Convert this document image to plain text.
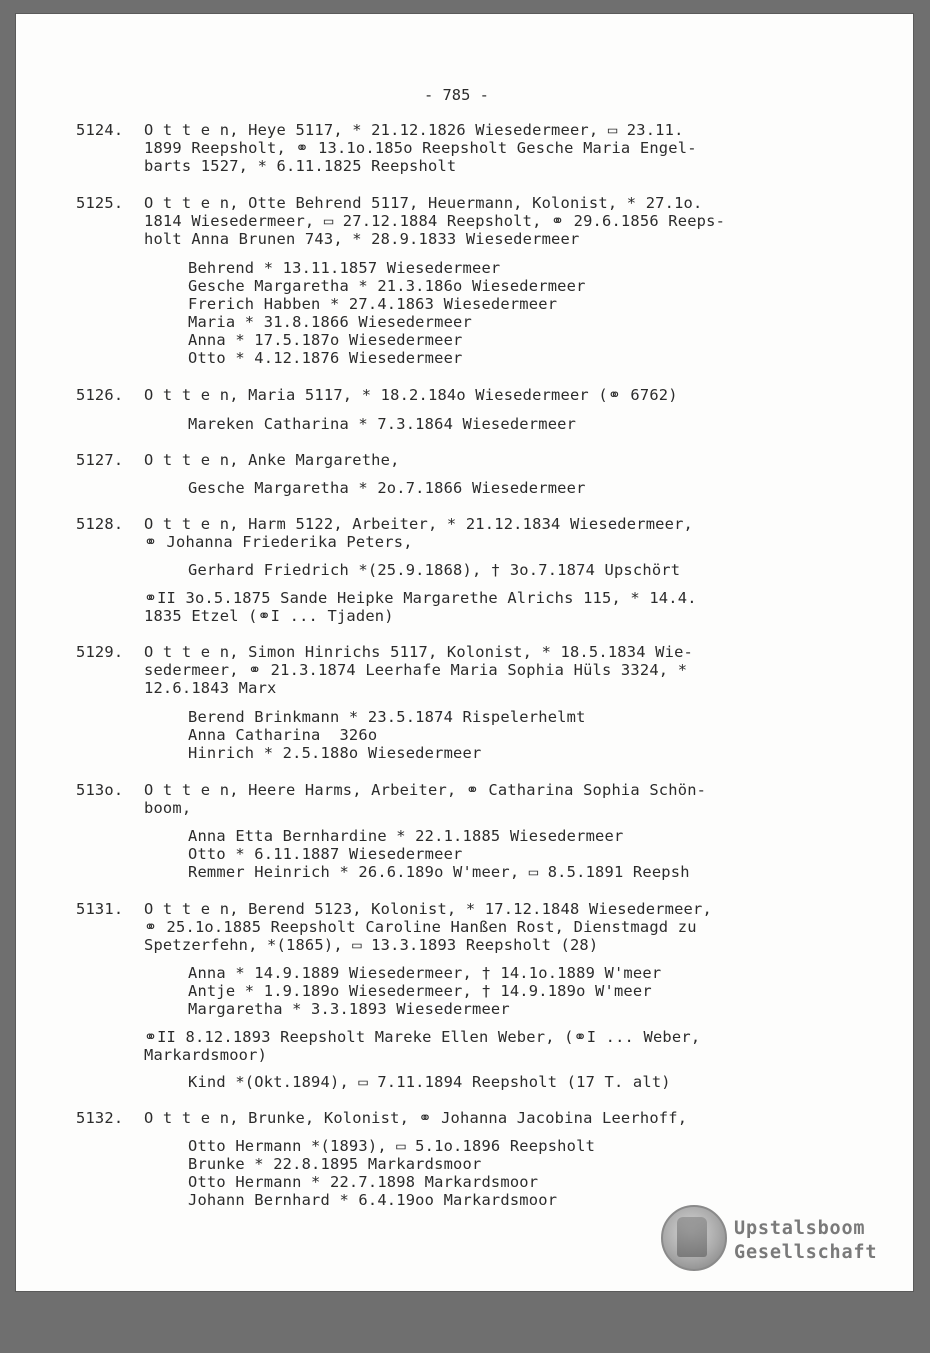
- 785 -

5124.

O t t e n, Heye 5117, * 21.12.1826 Wiesedermeer, ▭ 23.11.

1899 Reepsholt, ⚭ 13.1o.185o Reepsholt Gesche Maria Engel-

barts 1527, * 6.11.1825 Reepsholt

5125.

O t t e n, Otte Behrend 5117, Heuermann, Kolonist, * 27.1o.

1814 Wiesedermeer, ▭ 27.12.1884 Reepsholt, ⚭ 29.6.1856 Reeps-

holt Anna Brunen 743, * 28.9.1833 Wiesedermeer

Behrend * 13.11.1857 Wiesedermeer

Gesche Margaretha * 21.3.186o Wiesedermeer

Frerich Habben * 27.4.1863 Wiesedermeer

Maria * 31.8.1866 Wiesedermeer

Anna * 17.5.187o Wiesedermeer

Otto * 4.12.1876 Wiesedermeer

5126.

O t t e n, Maria 5117, * 18.2.184o Wiesedermeer (⚭ 6762)

Mareken Catharina * 7.3.1864 Wiesedermeer

5127.

O t t e n, Anke Margarethe,

Gesche Margaretha * 2o.7.1866 Wiesedermeer

5128.

O t t e n, Harm 5122, Arbeiter, * 21.12.1834 Wiesedermeer,

⚭ Johanna Friederika Peters,

Gerhard Friedrich *(25.9.1868), † 3o.7.1874 Upschört

⚭II 3o.5.1875 Sande Heipke Margarethe Alrichs 115, * 14.4.

1835 Etzel (⚭I ... Tjaden)

5129.

O t t e n, Simon Hinrichs 5117, Kolonist, * 18.5.1834 Wie-

sedermeer, ⚭ 21.3.1874 Leerhafe Maria Sophia Hüls 3324, *

12.6.1843 Marx

Berend Brinkmann * 23.5.1874 Rispelerhelmt

Anna Catharina  326o

Hinrich * 2.5.188o Wiesedermeer

513o.

O t t e n, Heere Harms, Arbeiter, ⚭ Catharina Sophia Schön-

boom,

Anna Etta Bernhardine * 22.1.1885 Wiesedermeer

Otto * 6.11.1887 Wiesedermeer

Remmer Heinrich * 26.6.189o W'meer, ▭ 8.5.1891 Reepsh

5131.

O t t e n, Berend 5123, Kolonist, * 17.12.1848 Wiesedermeer,

⚭ 25.1o.1885 Reepsholt Caroline Hanßen Rost, Dienstmagd zu

Spetzerfehn, *(1865), ▭ 13.3.1893 Reepsholt (28)

Anna * 14.9.1889 Wiesedermeer, † 14.1o.1889 W'meer

Antje * 1.9.189o Wiesedermeer, † 14.9.189o W'meer

Margaretha * 3.3.1893 Wiesedermeer

⚭II 8.12.1893 Reepsholt Mareke Ellen Weber, (⚭I ... Weber,

Markardsmoor)

Kind *(Okt.1894), ▭ 7.11.1894 Reepsholt (17 T. alt)

5132.

O t t e n, Brunke, Kolonist, ⚭ Johanna Jacobina Leerhoff,

Otto Hermann *(1893), ▭ 5.1o.1896 Reepsholt

Brunke * 22.8.1895 Markardsmoor

Otto Hermann * 22.7.1898 Markardsmoor

Johann Bernhard * 6.4.19oo Markardsmoor

Upstalsboom
Gesellschaft
